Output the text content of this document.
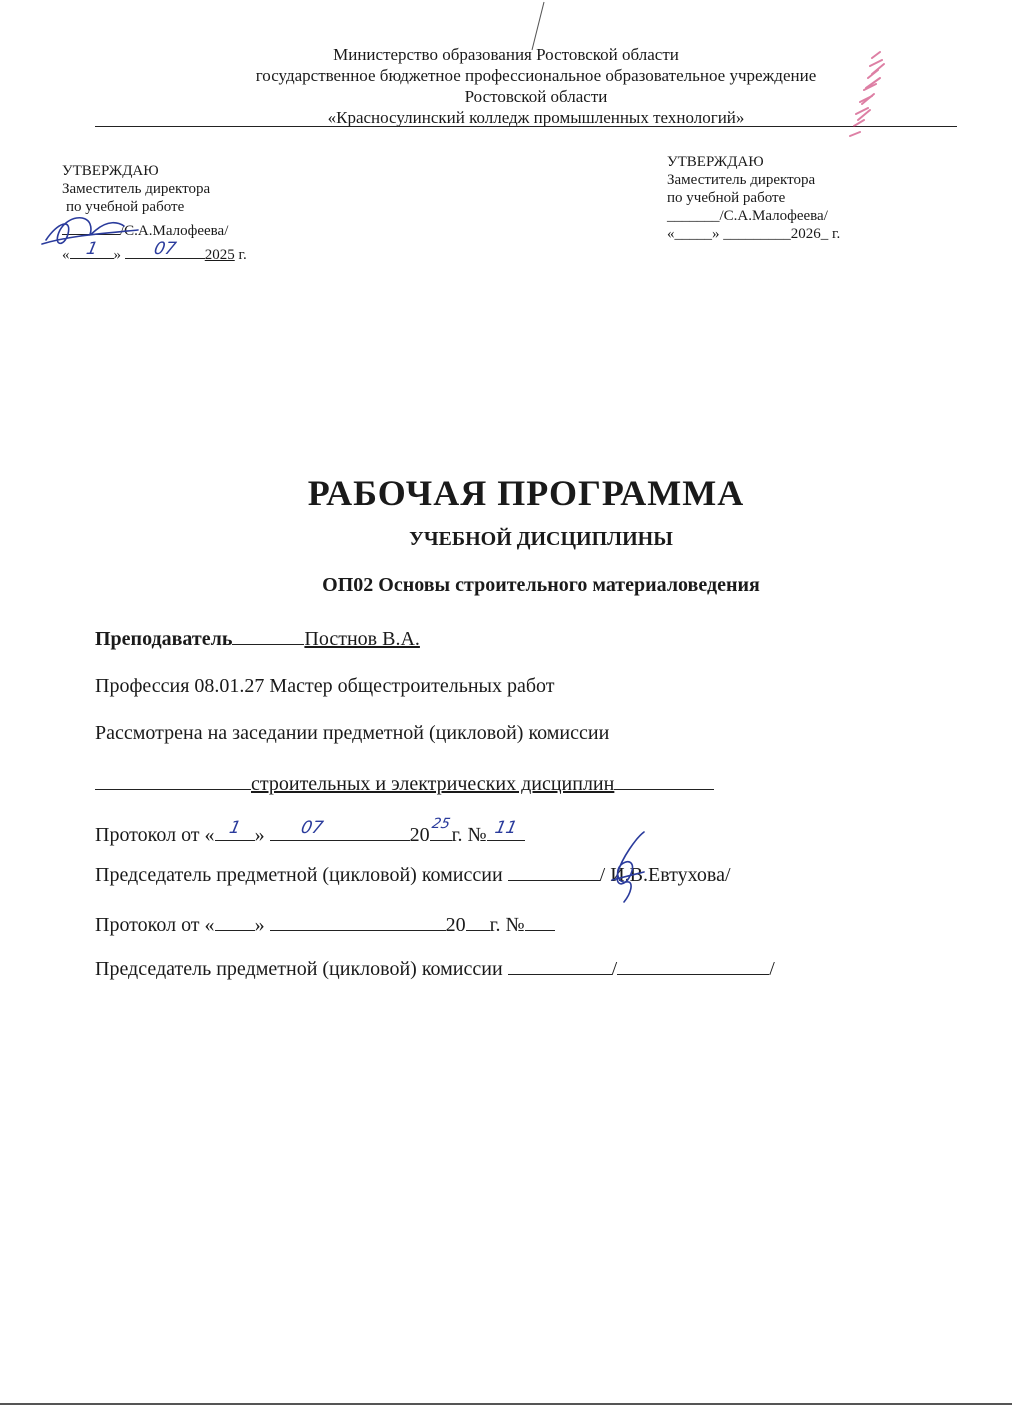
Министерство образования Ростовской области
государственное бюджетное профессиональное образовательное учреждение
Ростовской области
«Красносулинский колледж промышленных технологий»
УТВЕРЖДАЮ
Заместитель директора
по учебной работе
/С.А.Малофеева/
« 1 » 07 2025 г.
УТВЕРЖДАЮ
Заместитель директора
по учебной работе
_______/С.А.Малофеева/
«_____» _________2026_ г.
РАБОЧАЯ ПРОГРАММА
УЧЕБНОЙ ДИСЦИПЛИНЫ
ОП02 Основы строительного материаловедения
Преподаватель	Постнов В.А.
Профессия 08.01.27 Мастер общестроительных работ
Рассмотрена на заседании предметной (цикловой) комиссии
строительных и электрических дисциплин
Протокол от « 1 » 07	20 25 г. № 11
Председатель предметной (цикловой) комиссии	/ И.В.Евтухова/
Протокол от « »	20 г. №
Председатель предметной (цикловой) комиссии	/	/
